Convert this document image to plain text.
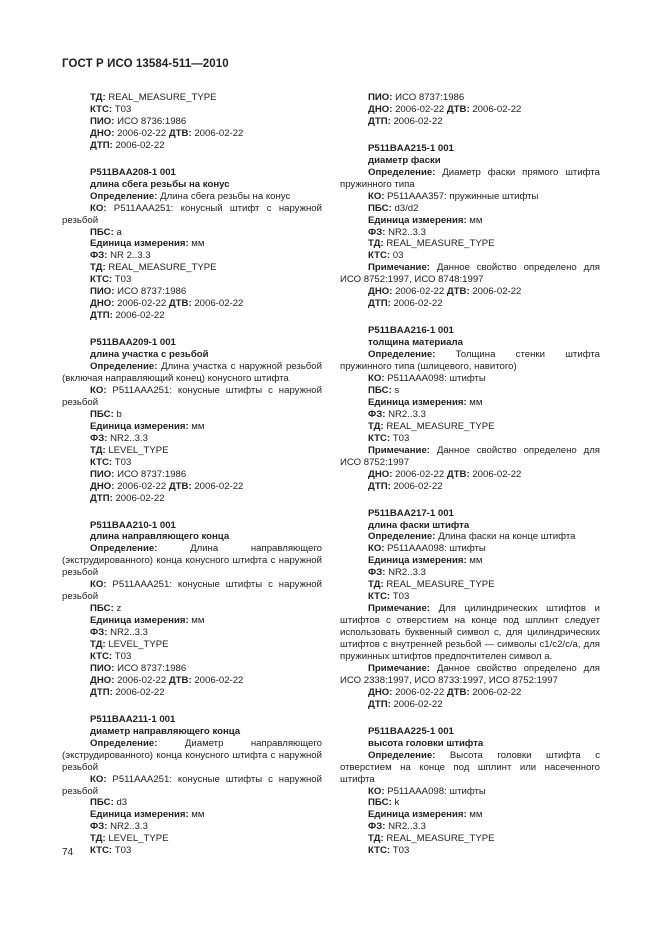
ГОСТ Р ИСО 13584-511—2010
ТД: REAL_MEASURE_TYPE
КТС: Т03
ПИО: ИСО 8736:1986
ДНО: 2006-02-22 ДТВ: 2006-02-22
ДТП: 2006-02-22
P511BAA208-1 001
длина сбега резьбы на конус
Определение: Длина сбега резьбы на конус
КО: P511AAA251: конусный штифт с наружной резьбой
ПБС: a
Единица измерения: мм
ФЗ: NR 2..3.3
ТД: REAL_MEASURE_TYPE
КТС: Т03
ПИО: ИСО 8737:1986
ДНО: 2006-02-22 ДТВ: 2006-02-22
ДТП: 2006-02-22
P511BAA209-1 001
длина участка с резьбой
Определение: Длина участка с наружной резьбой (включая направляющий конец) конусного штифта
КО: P511AAA251: конусные штифты с наружной резьбой
ПБС: b
Единица измерения: мм
ФЗ: NR2..3.3
ТД: LEVEL_TYPE
КТС: Т03
ПИО: ИСО 8737:1986
ДНО: 2006-02-22 ДТВ: 2006-02-22
ДТП: 2006-02-22
P511BAA210-1 001
длина направляющего конца
Определение: Длина направляющего (экструдированного) конца конусного штифта с наружной резьбой
КО: P511AAA251: конусные штифты с наружной резьбой
ПБС: z
Единица измерения: мм
ФЗ: NR2..3.3
ТД: LEVEL_TYPE
КТС: Т03
ПИО: ИСО 8737:1986
ДНО: 2006-02-22 ДТВ: 2006-02-22
ДТП: 2006-02-22
P511BAA211-1 001
диаметр направляющего конца
Определение: Диаметр направляющего (экструдированного) конца конусного штифта с наружной резьбой
КО: P511AAA251: конусные штифты с наружной резьбой
ПБС: d3
Единица измерения: мм
ФЗ: NR2..3.3
ТД: LEVEL_TYPE
КТС: Т03
ПИО: ИСО 8737:1986
ДНО: 2006-02-22 ДТВ: 2006-02-22
ДТП: 2006-02-22
P511BAA215-1 001
диаметр фаски
Определение: Диаметр фаски прямого штифта пружинного типа
КО: P511AAA357: пружинные штифты
ПБС: d3/d2
Единица измерения: мм
ФЗ: NR2..3.3
ТД: REAL_MEASURE_TYPE
КТС: 03
Примечание: Данное свойство определено для ИСО 8752:1997, ИСО 8748:1997
ДНО: 2006-02-22 ДТВ: 2006-02-22
ДТП: 2006-02-22
P511BAA216-1 001
толщина материала
Определение: Толщина стенки штифта пружинного типа (шлицевого, навитого)
КО: P511AAA098: штифты
ПБС: s
Единица измерения: мм
ФЗ: NR2..3.3
ТД: REAL_MEASURE_TYPE
КТС: Т03
Примечание: Данное свойство определено для ИСО 8752:1997
ДНО: 2006-02-22 ДТВ: 2006-02-22
ДТП: 2006-02-22
P511BAA217-1 001
длина фаски штифта
Определение: Длина фаски на конце штифта
КО: P511AAA098: штифты
Единица измерения: мм
ФЗ: NR2..3.3
ТД: REAL_MEASURE_TYPE
КТС: Т03
Примечание: Для цилиндрических штифтов и штифтов с отверстием на конце под шплинт следует использовать буквенный символ c, для цилиндрических штифтов с внутренней резьбой — символы c1/c2/c/a, для пружинных штифтов предпочтителен символ a.
Примечание: Данное свойство определено для ИСО 2338:1997, ИСО 8733:1997, ИСО 8752:1997
ДНО: 2006-02-22 ДТВ: 2006-02-22
ДТП: 2006-02-22
P511BAA225-1 001
высота головки штифта
Определение: Высота головки штифта с отверстием на конце под шплинт или насеченного штифта
КО: P511AAA098: штифты
ПБС: k
Единица измерения: мм
ФЗ: NR2..3.3
ТД: REAL_MEASURE_TYPE
КТС: Т03
74
